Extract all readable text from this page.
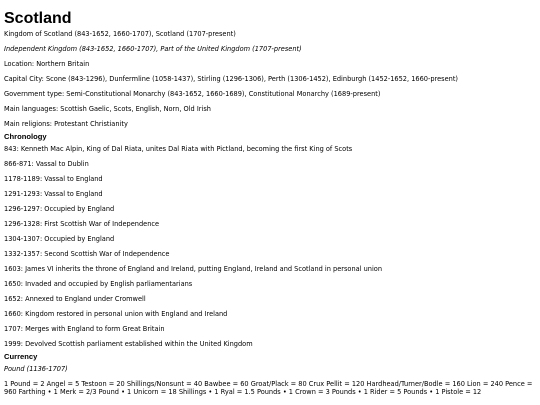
Scotland

Kingdom of Scotland (843-1652, 1660-1707), Scotland (1707-present)

Independent Kingdom (843-1652, 1660-1707), Part of the United Kingdom (1707-present)

Location: Northern Britain

Capital City: Scone (843-1296), Dunfermline (1058-1437), Stirling (1296-1306), Perth (1306-1452), Edinburgh (1452-1652, 1660-present)

Government type: Semi-Constitutional Monarchy (843-1652, 1660-1689), Constitutional Monarchy (1689-present)

Main languages: Scottish Gaelic, Scots, English, Norn, Old Irish

Main religions: Protestant Christianity

Chronology

843: Kenneth Mac Alpin, King of Dal Riata, unites Dal Riata with Pictland, becoming the first King of Scots

866-871: Vassal to Dublin

1178-1189: Vassal to England

1291-1293: Vassal to England

1296-1297: Occupied by England

1296-1328: First Scottish War of Independence

1304-1307: Occupied by England

1332-1357: Second Scottish War of Independence

1603: James VI inherits the throne of England and Ireland, putting England, Ireland and Scotland in personal union

1650: Invaded and occupied by English parliamentarians

1652: Annexed to England under Cromwell

1660: Kingdom restored in personal union with England and Ireland

1707: Merges with England to form Great Britain

1999: Devolved Scottish parliament established within the United Kingdom

Currency

Pound (1136-1707)

1 Pound = 2 Angel = 5 Testoon = 20 Shillings/Nonsunt = 40 Bawbee = 60 Groat/Plack = 80 Crux Pellit = 120 Hardhead/Turner/Bodle = 160 Lion = 240 Pence = 960 Farthing • 1 Merk = 2/3 Pound • 1 Unicorn = 18 Shillings • 1 Ryal = 1.5 Pounds • 1 Crown = 3 Pounds • 1 Rider = 5 Pounds • 1 Pistole = 12
